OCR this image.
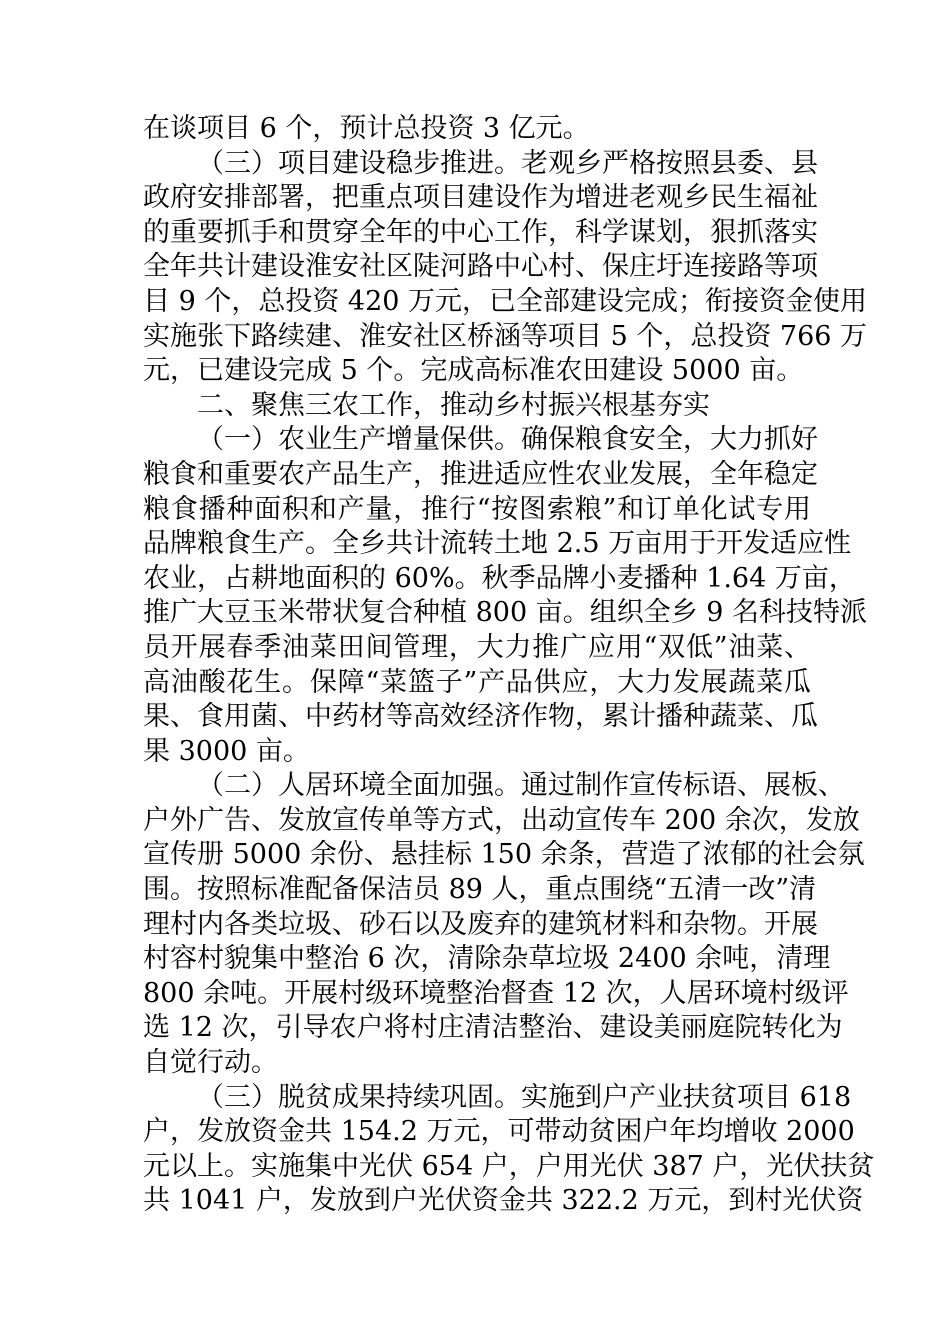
在谈项目 6 个，预计总投资 3 亿元。
（三）项目建设稳步推进。老观乡严格按照县委、县
政府安排部署，把重点项目建设作为增进老观乡民生福祉
的重要抓手和贯穿全年的中心工作，科学谋划，狠抓落实
全年共计建设淮安社区陡河路中心村、保庄圩连接路等项
目 9 个，总投资 420 万元，已全部建设完成；衔接资金使用
实施张下路续建、淮安社区桥涵等项目 5 个，总投资 766 万
元，已建设完成 5 个。完成高标准农田建设 5000 亩。
二、聚焦三农工作，推动乡村振兴根基夯实
（一）农业生产增量保供。确保粮食安全，大力抓好
粮食和重要农产品生产，推进适应性农业发展，全年稳定
粮食播种面积和产量，推行“按图索粮”和订单化试专用
品牌粮食生产。全乡共计流转土地 2.5 万亩用于开发适应性
农业，占耕地面积的 60%。秋季品牌小麦播种 1.64 万亩，
推广大豆玉米带状复合种植 800 亩。组织全乡 9 名科技特派
员开展春季油菜田间管理，大力推广应用“双低”油菜、
高油酸花生。保障“菜篮子”产品供应，大力发展蔬菜瓜
果、食用菌、中药材等高效经济作物，累计播种蔬菜、瓜
果 3000 亩。
（二）人居环境全面加强。通过制作宣传标语、展板、
户外广告、发放宣传单等方式，出动宣传车 200 余次，发放
宣传册 5000 余份、悬挂标 150 余条，营造了浓郁的社会氛
围。按照标准配备保洁员 89 人，重点围绕“五清一改”清
理村内各类垃圾、砂石以及废弃的建筑材料和杂物。开展
村容村貌集中整治 6 次，清除杂草垃圾 2400 余吨，清理
800 余吨。开展村级环境整治督查 12 次，人居环境村级评
选 12 次，引导农户将村庄清洁整治、建设美丽庭院转化为
自觉行动。
（三）脱贫成果持续巩固。实施到户产业扶贫项目 618
户，发放资金共 154.2 万元，可带动贫困户年均增收 2000
元以上。实施集中光伏 654 户，户用光伏 387 户，光伏扶贫
共 1041 户，发放到户光伏资金共 322.2 万元，到村光伏资
